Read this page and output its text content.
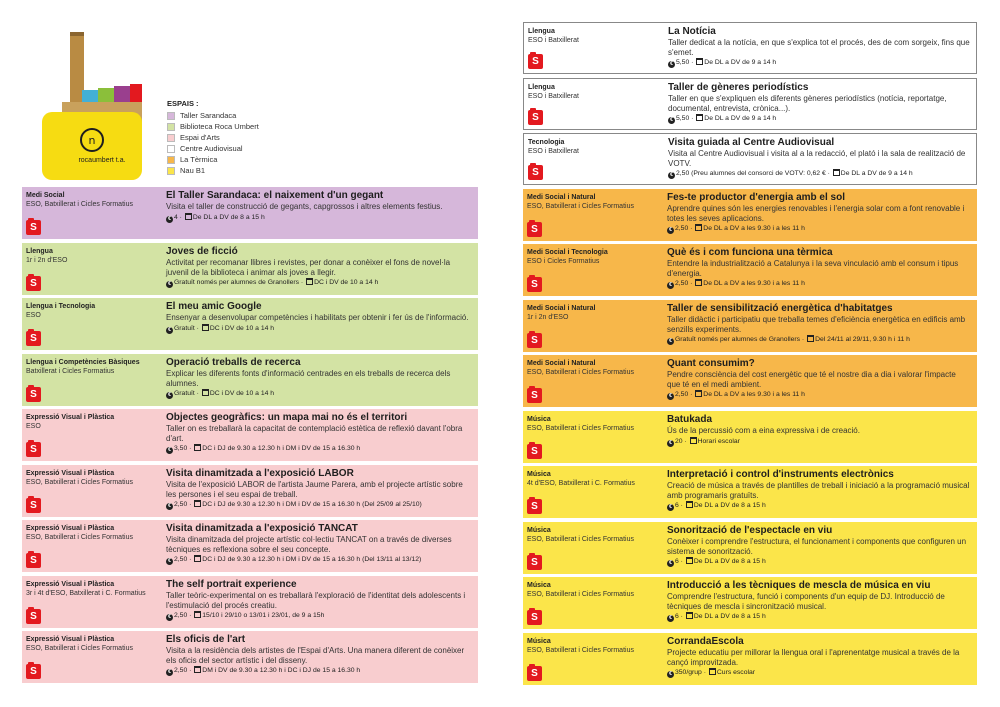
n
rocaumbert t.a.
ESPAIS :
Taller Sarandaca
Biblioteca Roca Umbert
Espai d'Arts
Centre Audiovisual
La Tèrmica
Nau B1
Medi Social
ESO, Batxillerat i Cicles Formatius
S
El Taller Sarandaca: el naixement d'un gegant
Visita el taller de construcció de gegants, capgrossos i altres elements festius.
€ 4 · De DL a DV de 8 a 15 h
Llengua
1r i 2n d'ESO
S
Joves de ficció
Activitat per recomanar llibres i revistes, per donar a conèixer el fons de novel·la juvenil de la biblioteca i animar als joves a llegir.
€ Gratuït només per alumnes de Granollers · DC i DV de 10 a 14 h
Llengua i Tecnologia
ESO
S
El meu amic Google
Ensenyar a desenvolupar competències i habilitats per obtenir i fer ús de l'informació.
€ Gratuït · DC i DV de 10 a 14 h
Llengua i Competències Bàsiques
Batxillerat i Cicles Formatius
S
Operació treballs de recerca
Explicar les diferents fonts d'informació centrades en els treballs de recerca dels alumnes.
€ Gratuït · DC i DV de 10 a 14 h
Expressió Visual i Plàstica
ESO
S
Objectes geogràfics: un mapa mai no és el territori
Taller on es treballarà la capacitat de contemplació estètica de reflexió davant l'obra d'art.
€ 3,50 · DC i DJ de 9.30 a 12.30 h i DM i DV de 15 a 16.30 h
Expressió Visual i Plàstica
ESO, Batxillerat i Cicles Formatius
S
Visita dinamitzada a l'exposició LABOR
Visita de l'exposició LABOR de l'artista Jaume Parera, amb el projecte artístic sobre les persones i el seu espai de treball.
€ 2,50 · DC i DJ de 9.30 a 12.30 h i DM i DV de 15 a 16.30 h (Del 25/09 al 25/10)
Expressió Visual i Plàstica
ESO, Batxillerat i Cicles Formatius
S
Visita dinamitzada a l'exposició TANCAT
Visita dinamitzada del projecte artístic col·lectiu TANCAT on a través de diverses tècniques es reflexiona sobre el seu concepte.
€ 2,50 · DC i DJ de 9.30 a 12.30 h i DM i DV de 15 a 16.30 h (Del 13/11 al 13/12)
Expressió Visual i Plàstica
3r i 4t d'ESO, Batxillerat i C. Formatius
S
The self portrait experience
Taller teòric-experimental on es treballarà l'exploració de l'identitat dels adolescents i l'estimulació del procés creatiu.
€ 2,50 · 15/10 i 29/10 o 13/01 i 23/01, de 9 a 15h
Expressió Visual i Plàstica
ESO, Batxillerat i Cicles Formatius
S
Els oficis de l'art
Visita a la residència dels artistes de l'Espai d'Arts. Una manera diferent de conèixer els oficis del sector artístic i del disseny.
€ 2,50 · DM i DV de 9.30 a 12.30 h i DC i DJ de 15 a 16.30 h
Llengua
ESO i Batxillerat
S
La Notícia
Taller dedicat a la notícia, en que s'explica tot el procés, des de com sorgeix, fins que s'emet.
€ 5,50 · De DL a DV de 9 a 14 h
Llengua
ESO i Batxillerat
S
Taller de gèneres periodístics
Taller en que s'expliquen els diferents gèneres periodístics (notícia, reportatge, documental, entrevista, crònica...).
€ 5,50 · De DL a DV de 9 a 14 h
Tecnologia
ESO i Batxillerat
S
Visita guiada al Centre Audiovisual
Visita al Centre Audiovisual i visita al a la redacció, el plató i la sala de realització de VOTV.
€ 2,50 (Preu alumnes del consorci de VOTV: 0,62 € · De DL a DV de 9 a 14 h
Medi Social i Natural
ESO, Batxillerat i Cicles Formatius
S
Fes-te productor d'energia amb el sol
Aprendre quines són les energies renovables i l'energia solar com a font renovable i totes les seves aplicacions.
€ 2,50 · De DL a DV a les 9.30 i a les 11 h
Medi Social i Tecnologia
ESO i Cicles Formatius
S
Què és i com funciona una tèrmica
Entendre la industrialització a Catalunya i la seva vinculació amb el consum i tipus d'energia.
€ 2,50 · De DL a DV a les 9.30 i a les 11 h
Medi Social i Natural
1r i 2n d'ESO
S
Taller de sensibilització energètica d'habitatges
Taller didàctic i participatiu que treballa temes d'eficiència energètica en edificis amb senzills experiments.
€ Gratuït només per alumnes de Granollers · Del 24/11 al 29/11, 9.30 h i 11 h
Medi Social i Natural
ESO, Batxillerat i Cicles Formatius
S
Quant consumim?
Pendre consciència del cost energètic que té el nostre dia a dia i valorar l'impacte que té en el medi ambient.
€ 2,50 · De DL a DV a les 9.30 i a les 11 h
Música
ESO, Batxillerat i Cicles Formatius
S
Batukada
Ús de la percussió com a eina expressiva i de creació.
€ 20 · Horari escolar
Música
4t d'ESO, Batxillerat i C. Formatius
S
Interpretació i control d'instruments electrònics
Creació de música a través de plantilles de treball i iniciació a la programació musical amb programaris gratuïts.
€ 6 · De DL a DV de 8 a 15 h
Música
ESO, Batxillerat i Cicles Formatius
S
Sonorització de l'espectacle en viu
Conèixer i comprendre l'estructura, el funcionament i components que configuren un sistema de sonorització.
€ 6 · De DL a DV de 8 a 15 h
Música
ESO, Batxillerat i Cicles Formatius
S
Introducció a les tècniques de mescla de música en viu
Comprendre l'estructura, funció i components d'un equip de DJ. Introducció de tècniques de mescla i sincronització musical.
€ 6 · De DL a DV de 8 a 15 h
Música
ESO, Batxillerat i Cicles Formatius
S
CorrandaEscola
Projecte educatiu per millorar la llengua oral i l'aprenentatge musical a través de la cançó improvitzada.
€ 350/grup · Curs escolar
